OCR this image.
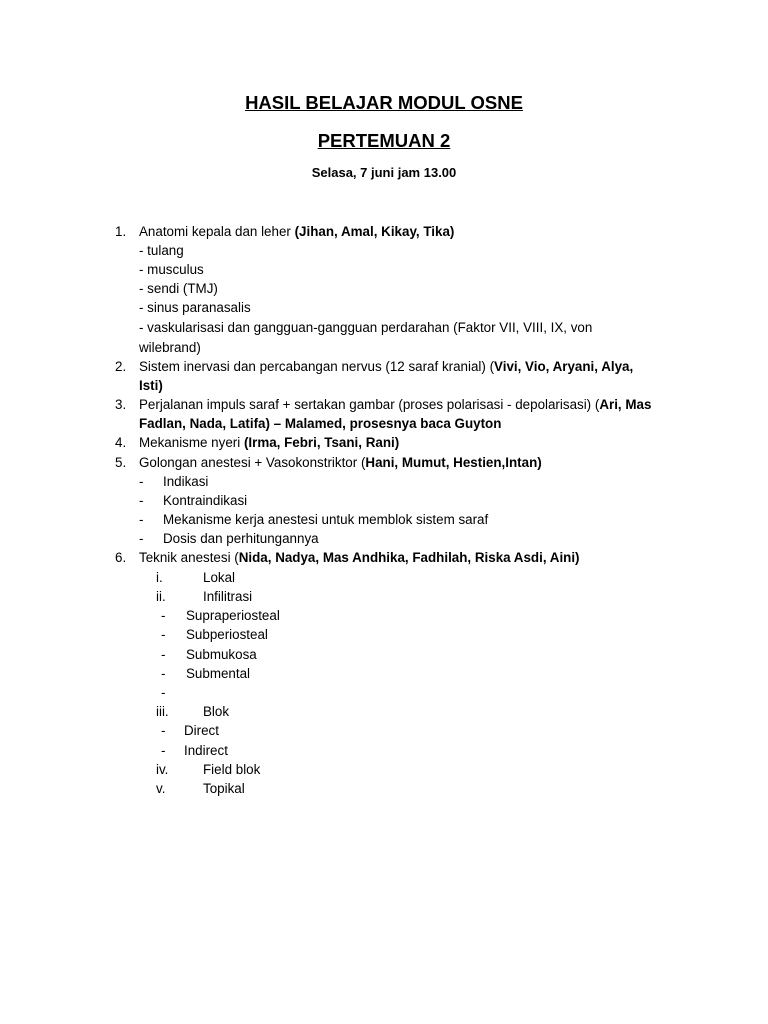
HASIL BELAJAR MODUL OSNE
PERTEMUAN 2
Selasa, 7 juni jam 13.00
1. Anatomi kepala dan leher (Jihan, Amal, Kikay, Tika)
- tulang
- musculus
- sendi (TMJ)
- sinus paranasalis
- vaskularisasi dan gangguan-gangguan perdarahan (Faktor VII, VIII, IX, von
wilebrand)
2. Sistem inervasi dan percabangan nervus (12 saraf kranial) (Vivi, Vio, Aryani, Alya,
Isti)
3. Perjalanan impuls saraf + sertakan gambar (proses polarisasi - depolarisasi) (Ari, Mas
Fadlan, Nada, Latifa) – Malamed, prosesnya baca Guyton
4. Mekanisme nyeri (Irma, Febri, Tsani, Rani)
5. Golongan anestesi + Vasokonstriktor (Hani, Mumut, Hestien,Intan)
- Indikasi
- Kontraindikasi
- Mekanisme kerja anestesi untuk memblok sistem saraf
- Dosis dan perhitungannya
6. Teknik anestesi (Nida, Nadya, Mas Andhika, Fadhilah, Riska Asdi, Aini)
i.	Lokal
ii.	Infilitrasi
- Supraperiosteal
- Subperiosteal
- Submukosa
- Submental
-
iii.	Blok
- Direct
- Indirect
iv.	Field blok
v.	Topikal
